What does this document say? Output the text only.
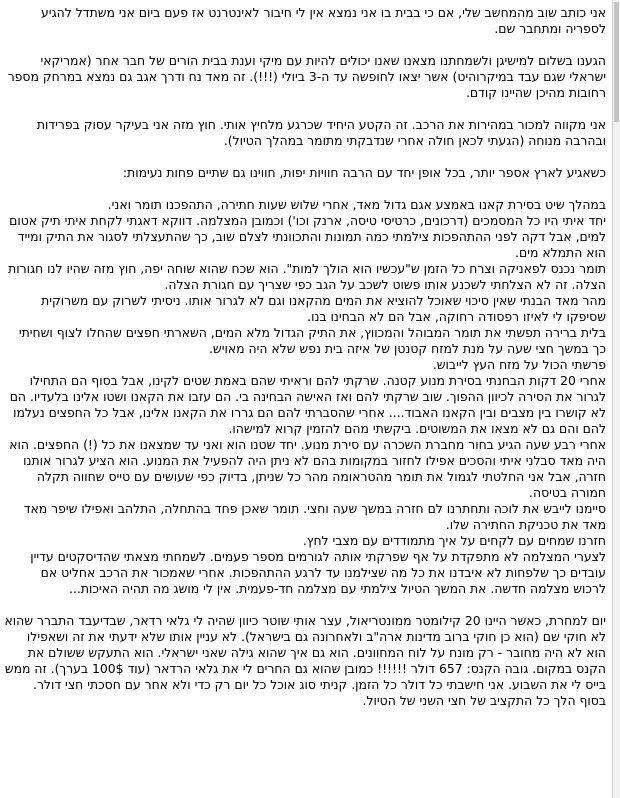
אני כותב שוב מהמחשב שלי, אם כי בבית בו אני נמצא אין לי חיבור לאינטרנט אז פעם ביום אני משתדל להגיע לספריה ומתחבר שם.

הגענו בשלום למישיגן ולשמחתנו מצאנו שאנו יכולים להיות עם מיקי וענת בבית הורים של חבר אחר (אמריקאי ישראלי שגם עבד במיקרוהיט) אשר יצאו לחופשה עד ה-3 ביולי (!!!). זה מאד נח ודרך אגב גם נמצא במרחק מספר רחובות מהיכן שהיינו קודם.

אני מקווה למכור במהירות את הרכב. זה הקטע היחיד שכרגע מלחיץ אותי. חוץ מזה אני בעיקר עסוק בפרידות ובהרבה מנוחה (הגעתי לכאן חולה אחרי שנדבקתי מתומר במהלך הטיול).

כשאגיע לארץ אספר יותר, בכל אופן יחד עם הרבה חוויות יפות, חווינו גם שתיים פחות נעימות:

במהלך שיט בסירת קאנו באמצע אגם גדול מאד, אחרי שלוש שעות חתירה, התהפכנו תומר ואני.

יחד איתי היו כל המסמכים (דרכונים, כרטיסי טיסה, ארנק וכו') וכמובן המצלמה. דווקא דאגתי לקחת איתי תיק אטום למים, אבל דקה לפני ההתהפכות צילמתי כמה תמונות והתכוונתי לצלם שוב, כך שהתעצלתי לסגור את התיק ומייד הוא התמלא מים.

תומר נכנס לפאניקה וצרח כל הזמן ש"עכשיו הוא הולך למות". הוא שכח שהוא שוחה יפה, חוץ מזה שהיו לנו חגורות הצלה. זה לא הצלחתי לשכנע אותו פשוט לשכב על הגב כפי שצריך עם חגורת הצלה.

מהר מאד הבנתי שאין סיכוי שאוכל להוציא את המים מהקאנו וגם לא לגרור אותו. ניסיתי לשרוק עם משרוקית שסיפקו לי לאיזו רפסודה רחוקה, אבל הם לא הבחינו בנו.

בלית ברירה תפשתי את תומר המבוהל והמכווץ, את התיק הגדול מלא המים, השארתי חפצים שהחלו לצוף ושחיתי כך במשך חצי שעה על מנת למזח קטנטן של איזה בית נפש שלא היה מאויש.

פרשתי הכול על מזח העץ לייבוש.

אחרי 20 דקות הבחנתי בסירת מנוע קטנה. שרקתי להם וראיתי שהם באמת שטים לקינו, אבל בסוף הם התחילו לגרור את הסירה לכיוון ההפוך. שוב שרקתי להם ואז האישה הבחינה בי. הם עזבו את הקאנו ושטו אלינו בלעדיו. הם לא קושרו בין מצבים ובין הקאנו האבוד.... אחרי שהסברתי להם הם גררו את הקאנו אלינו, אבל כל החפצים נעלמו להם והם גם לא מצאו את המשוטים. ביקשתי מהם להזמין קרוא למישהו.

אחרי רבע שעה הגיע בחור מחברת השכרה עם סירת מנוע. יחד שטנו הוא ואני עד שמצאנו את כל (!) החפצים. הוא היה מאד סבלני איתי והסכים אפילו לחזור במקומות בהם לא ניתן היה להפעיל את המנוע. הוא הציע לגרור אותנו חזרה, אבל אני החלטתי לגמול את תומר מהטראומה מהר כל שניתן, בדיוק כפי שעושים עם טייס שחווה תקלה חמורה בטיסה.

סיימנו לייבש את לוכה ותחתרנו לם חזרה במשך שעה וחצי. תומר שאכן פחד בהתחלה, התלהב ואפילו שיפר מאד מאד את טכניקת החתירה שלו.

חזרנו שמחים עם לקחים על איך מתמודדים עם מצבי לחץ.

לצערי המצלמה לא מתפקדת על אף שפרקתי אותה לגורמים מספר פעמים. לשמחתי מצאתי שהדיסקטים עדיין עובדים כך שלפחות לא איבדנו את כל מה שצילמנו עד לרגע ההתהפכות. אחרי שאמכור את הרכב אחליט אם לרכוש מצלמה חדשה. את המשך הטיול צילמתי עם מצלמה חד-פעמית. אין לי מושג מה תהיה האיכות...

יום למחרת, כאשר היינו 20 קילומטר ממונטריאול, עצר אותי שוטר כיוון שהיה לי גלאי רדאר, שבדיעבד התברר שהוא לא חוקי שם (הוא כן חוקי ברוב מדינות ארה"ב ולאחרונה גם בישראל). לא עניין אותו שלא ידעתי את זה ושאפילו הוא לא היה מחובר - רק מונח על לוח המחוונים. הוא גם איך שהוא גילה שאני ישראלי. הוא התעקש ששולם את הקנס במקום. גובה הקנס: 657 דולר !!!!!! כמובן שהוא גם החרים לי את גלאי הרדאר (עוד 100$ בערך). זה ממש בייס לי את השבוע. אני חישבתי כל דולר כל הזמן. קניתי סוג אוכל כל יום רק כדי ולא אחר עם חסכתי חצי דולר. בסוף הלך כל התקציב של חצי השני של הטיול.
